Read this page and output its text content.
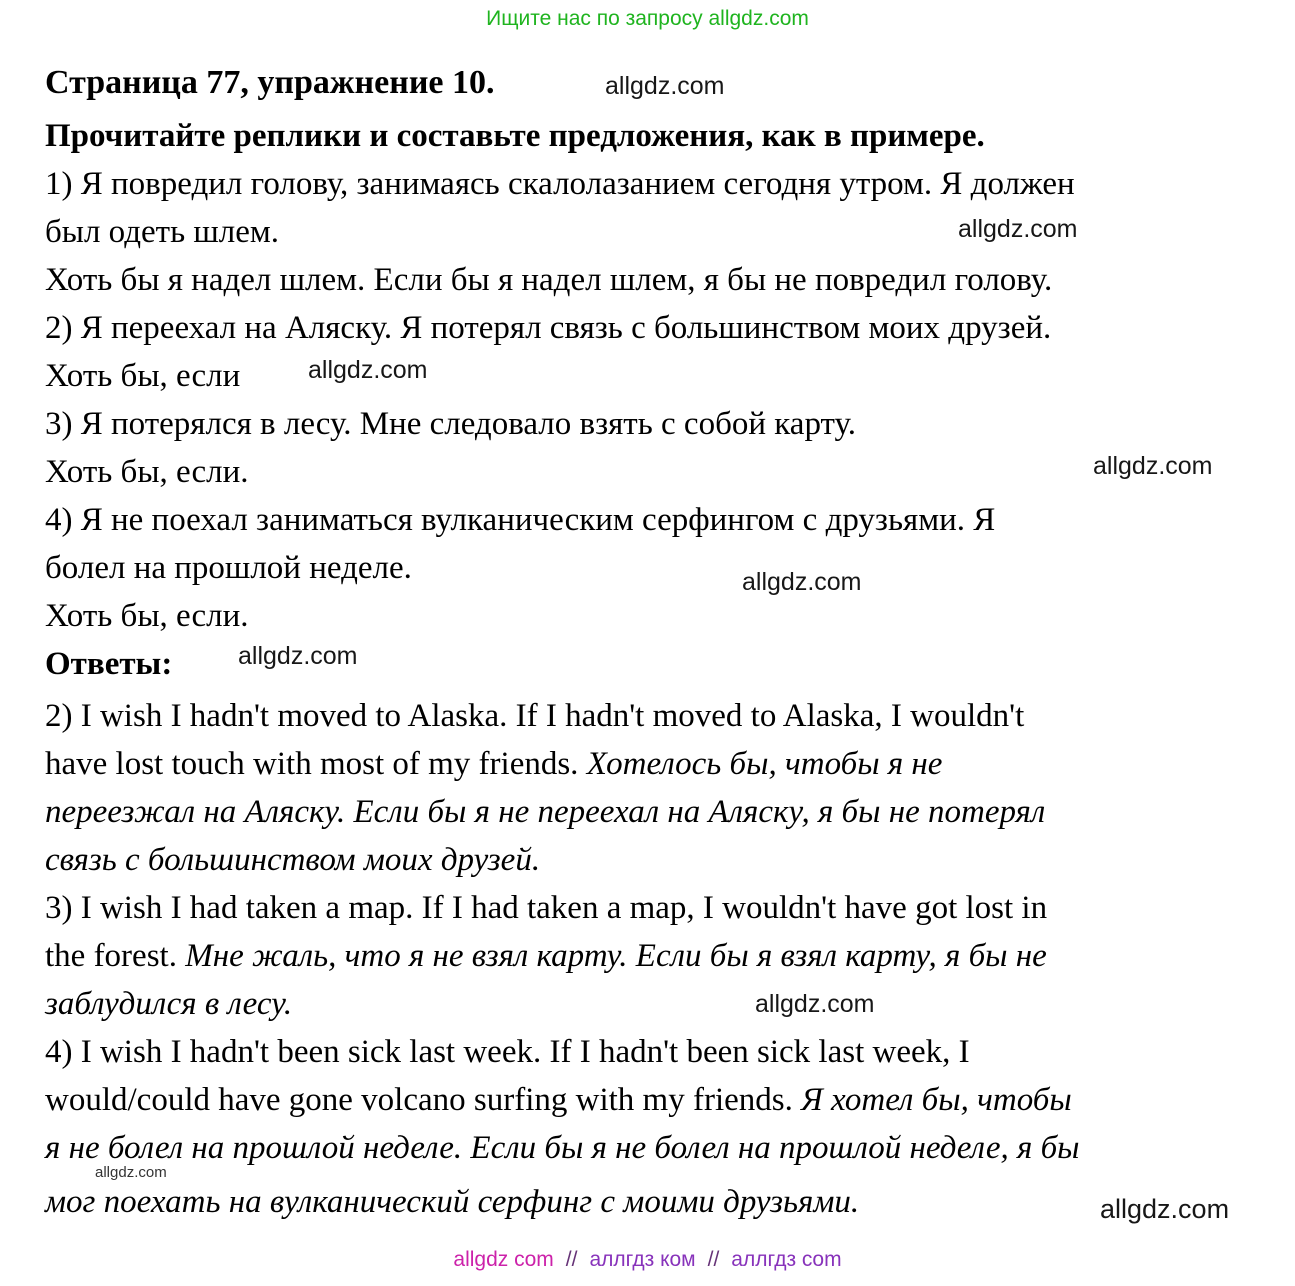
Ищите нас по запросу allgdz.com
Страница 77, упражнение 10.
Прочитайте реплики и составьте предложения, как в примере.
1) Я повредил голову, занимаясь скалолазанием сегодня утром. Я должен
был одеть шлем.
Хоть бы я надел шлем. Если бы я надел шлем, я бы не повредил голову.
2) Я переехал на Аляску. Я потерял связь с большинством моих друзей.
Хоть бы, если
3) Я потерялся в лесу. Мне следовало взять с собой карту.
Хоть бы, если.
4) Я не поехал заниматься вулканическим серфингом с друзьями. Я
болел на прошлой неделе.
Хоть бы, если.
Ответы:
2) I wish I hadn't moved to Alaska. If I hadn't moved to Alaska, I wouldn't
have lost touch with most of my friends. Хотелось бы, чтобы я не
переезжал на Аляску. Если бы я не переехал на Аляску, я бы не потерял
связь с большинством моих друзей.
3) I wish I had taken a map. If I had taken a map, I wouldn't have got lost in
the forest. Мне жаль, что я не взял карту. Если бы я взял карту, я бы не
заблудился в лесу.
4) I wish I hadn't been sick last week. If I hadn't been sick last week, I
would/could have gone volcano surfing with my friends. Я хотел бы, чтобы
я не болел на прошлой неделе. Если бы я не болел на прошлой неделе, я бы
мог поехать на вулканический серфинг с моими друзьями.
allgdz.com
allgdz.com
allgdz.com
allgdz.com
allgdz.com
allgdz.com
allgdz.com
allgdz.com
allgdz.com
allgdz com // аллгдз ком // аллгдз com
